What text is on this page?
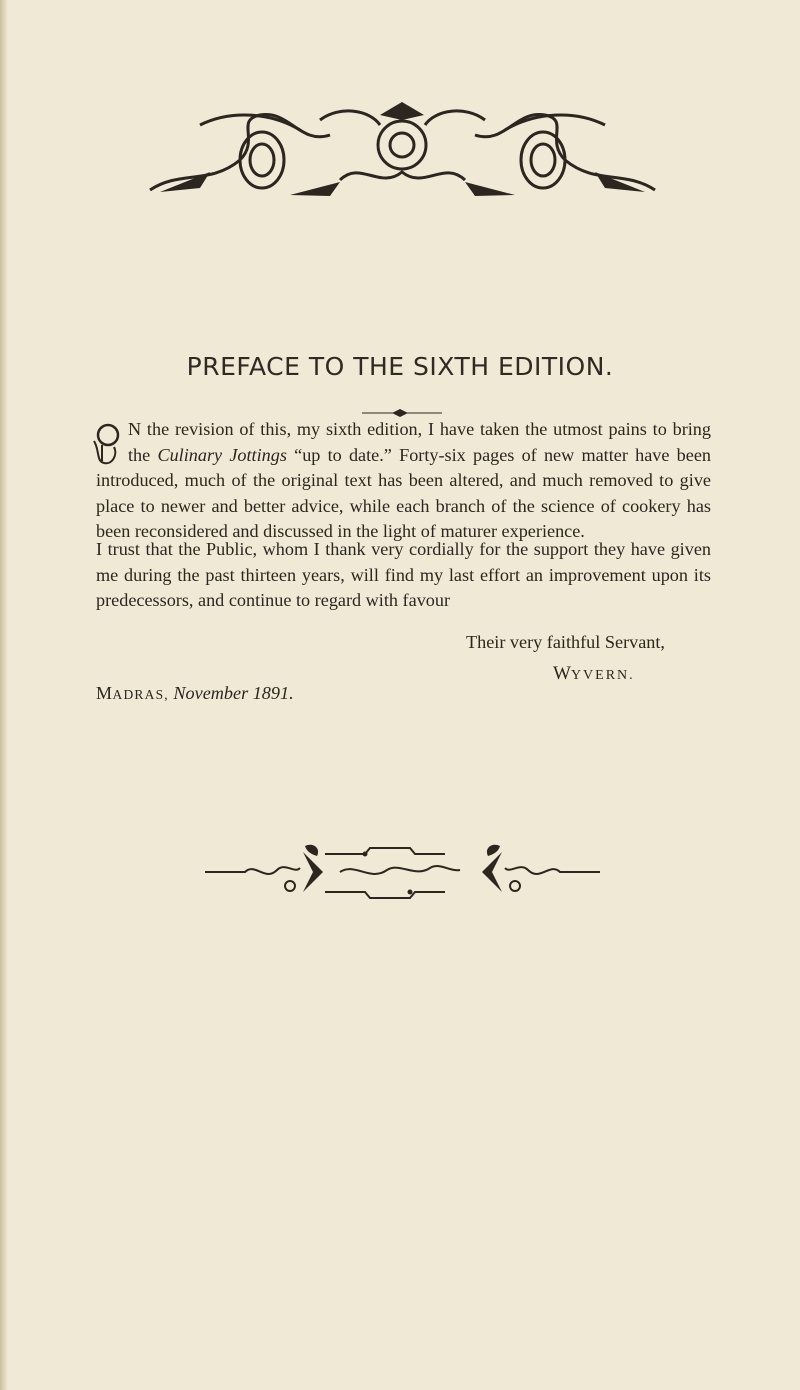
PREFACE TO THE SIXTH EDITION.
N the revision of this, my sixth edition, I have taken the utmost pains to bring the Culinary Jottings “up to date.” Forty-six pages of new matter have been introduced, much of the original text has been altered, and much removed to give place to newer and better advice, while each branch of the science of cookery has been reconsidered and discussed in the light of maturer experience.
I trust that the Public, whom I thank very cordially for the support they have given me during the past thirteen years, will find my last effort an improvement upon its predecessors, and continue to regard with favour
Their very faithful Servant,
WYVERN.
MADRAS, November 1891.
